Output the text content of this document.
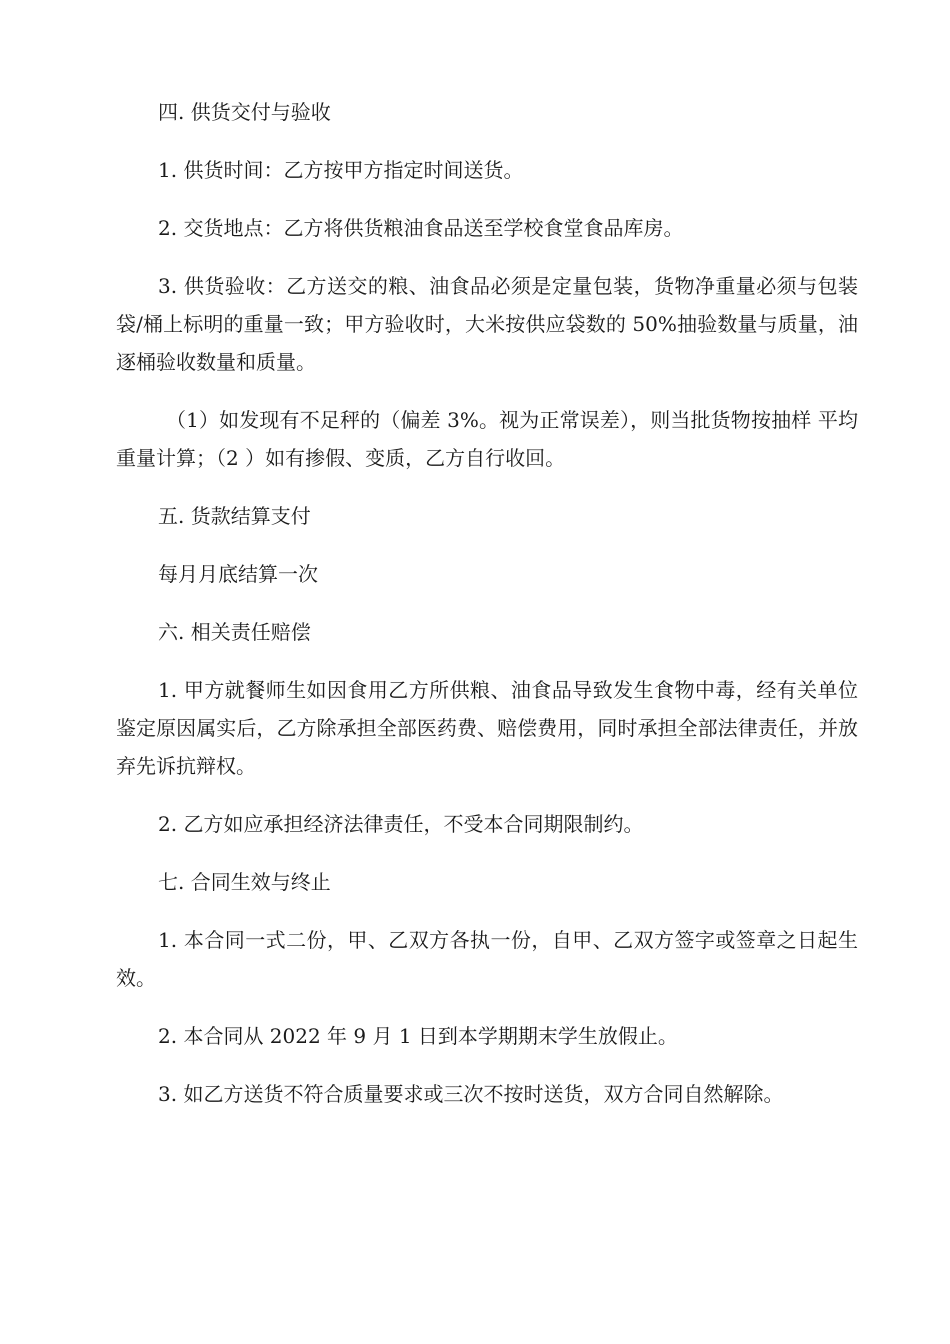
四. 供货交付与验收

1. 供货时间：乙方按甲方指定时间送货。

2. 交货地点：乙方将供货粮油食品送至学校食堂食品库房。

3. 供货验收：乙方送交的粮、油食品必须是定量包装，货物净重量必须与包装袋/桶上标明的重量一致；甲方验收时，大米按供应袋数的 50%抽验数量与质量，油逐桶验收数量和质量。

（1）如发现有不足秤的（偏差 3%。视为正常误差），则当批货物按抽样 平均重量计算；（2 ）如有掺假、变质，乙方自行收回。

五. 货款结算支付

每月月底结算一次

六. 相关责任赔偿

1. 甲方就餐师生如因食用乙方所供粮、油食品导致发生食物中毒，经有关单位鉴定原因属实后，乙方除承担全部医药费、赔偿费用，同时承担全部法律责任，并放弃先诉抗辩权。

2. 乙方如应承担经济法律责任，不受本合同期限制约。

七. 合同生效与终止

1. 本合同一式二份，甲、乙双方各执一份，自甲、乙双方签字或签章之日起生效。

2. 本合同从 2022 年 9 月 1 日到本学期期末学生放假止。

3. 如乙方送货不符合质量要求或三次不按时送货，双方合同自然解除。
